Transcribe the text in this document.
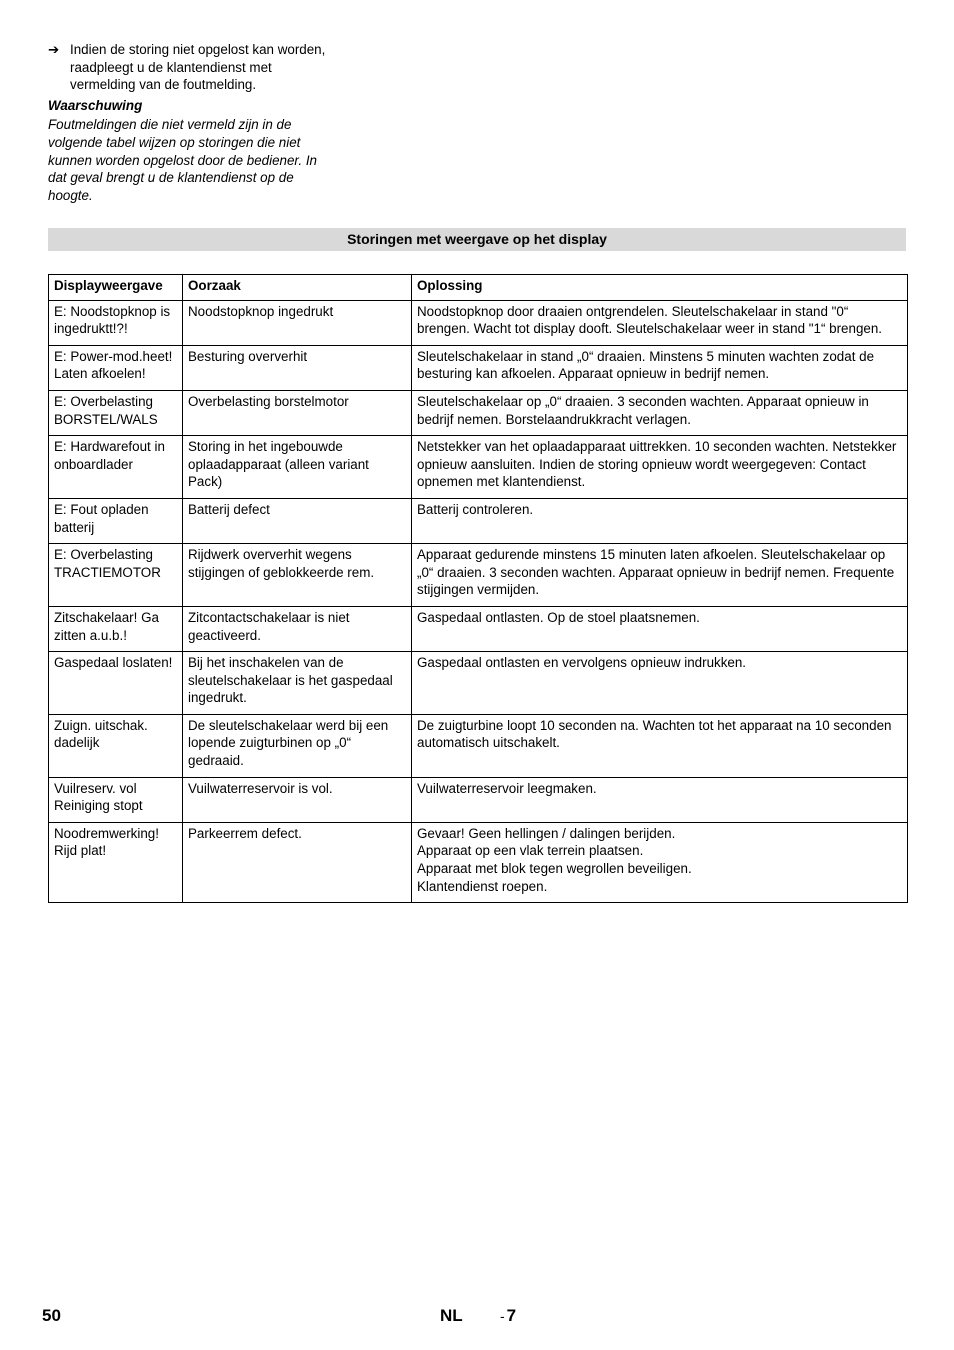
➔ Indien de storing niet opgelost kan worden, raadpleegt u de klantendienst met vermelding van de foutmelding.
Waarschuwing
Foutmeldingen die niet vermeld zijn in de volgende tabel wijzen op storingen die niet kunnen worden opgelost door de bediener. In dat geval brengt u de klantendienst op de hoogte.
Storingen met weergave op het display
Displayweergave	Oorzaak	Oplossing
E: Noodstopknop is ingedruktt!?!	Noodstopknop ingedrukt	Noodstopknop door draaien ontgrendelen. Sleutelschakelaar in stand "0“ brengen. Wacht tot display dooft. Sleutelschakelaar weer in stand "1“ brengen.
E: Power-mod.heet! Laten afkoelen!	Besturing oververhit	Sleutelschakelaar in stand „0“ draaien. Minstens 5 minuten wachten zodat de besturing kan afkoelen. Apparaat opnieuw in bedrijf nemen.
E: Overbelasting BORSTEL/WALS	Overbelasting borstelmotor	Sleutelschakelaar op „0“ draaien. 3 seconden wachten. Apparaat opnieuw in bedrijf nemen. Borstelaandrukkracht verlagen.
E: Hardwarefout in onboardlader	Storing in het ingebouwde oplaadapparaat (alleen variant Pack)	Netstekker van het oplaadapparaat uittrekken. 10 seconden wachten. Netstekker opnieuw aansluiten. Indien de storing opnieuw wordt weergegeven: Contact opnemen met klantendienst.
E: Fout opladen batterij	Batterij defect	Batterij controleren.
E: Overbelasting TRACTIEMOTOR	Rijdwerk oververhit wegens stijgingen of geblokkeerde rem.	Apparaat gedurende minstens 15 minuten laten afkoelen. Sleutelschakelaar op „0“ draaien. 3 seconden wachten. Apparaat opnieuw in bedrijf nemen. Frequente stijgingen vermijden.
Zitschakelaar! Ga zitten a.u.b.!	Zitcontactschakelaar is niet geactiveerd.	Gaspedaal ontlasten. Op de stoel plaatsnemen.
Gaspedaal loslaten!	Bij het inschakelen van de sleutelschakelaar is het gaspedaal ingedrukt.	Gaspedaal ontlasten en vervolgens opnieuw indrukken.
Zuign. uitschak. dadelijk	De sleutelschakelaar werd bij een lopende zuigturbinen op „0“ gedraaid.	De zuigturbine loopt 10 seconden na. Wachten tot het apparaat na 10 seconden automatisch uitschakelt.
Vuilreserv. vol Reiniging stopt	Vuilwaterreservoir is vol.	Vuilwaterreservoir leegmaken.
Noodremwerking! Rijd plat!	Parkeerrem defect.	Gevaar! Geen hellingen / dalingen berijden.
Apparaat op een vlak terrein plaatsen.
Apparaat met blok tegen wegrollen beveiligen.
Klantendienst roepen.
50	NL	- 7
